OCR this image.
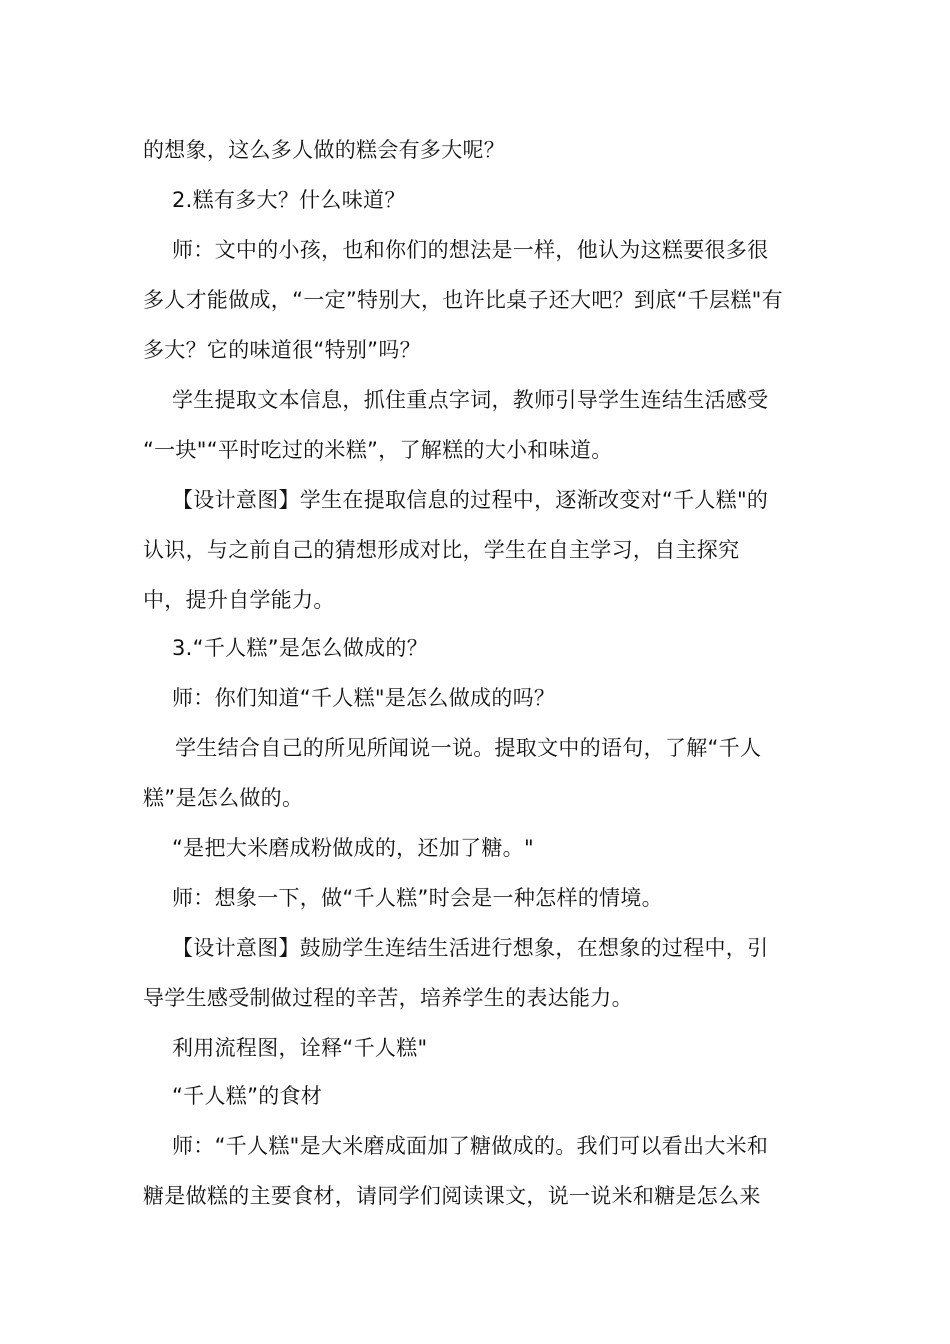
的想象，这么多人做的糕会有多大呢？
2.糕有多大？什么味道？
师：文中的小孩，也和你们的想法是一样，他认为这糕要很多很
多人才能做成，“一定”特别大，也许比桌子还大吧？到底“千层糕"有
多大？它的味道很“特别”吗？
学生提取文本信息，抓住重点字词，教师引导学生连结生活感受
“一块"“平时吃过的米糕”，了解糕的大小和味道。
【设计意图】学生在提取信息的过程中，逐渐改变对“千人糕"的
认识，与之前自己的猜想形成对比，学生在自主学习，自主探究
中，提升自学能力。
3.“千人糕”是怎么做成的？
师：你们知道“千人糕"是怎么做成的吗？
学生结合自己的所见所闻说一说。提取文中的语句，了解“千人
糕”是怎么做的。
“是把大米磨成粉做成的，还加了糖。"
师：想象一下，做“千人糕”时会是一种怎样的情境。
【设计意图】鼓励学生连结生活进行想象，在想象的过程中，引
导学生感受制做过程的辛苦，培养学生的表达能力。
利用流程图，诠释“千人糕"
“千人糕”的食材
师：“千人糕"是大米磨成面加了糖做成的。我们可以看出大米和
糖是做糕的主要食材，请同学们阅读课文，说一说米和糖是怎么来
